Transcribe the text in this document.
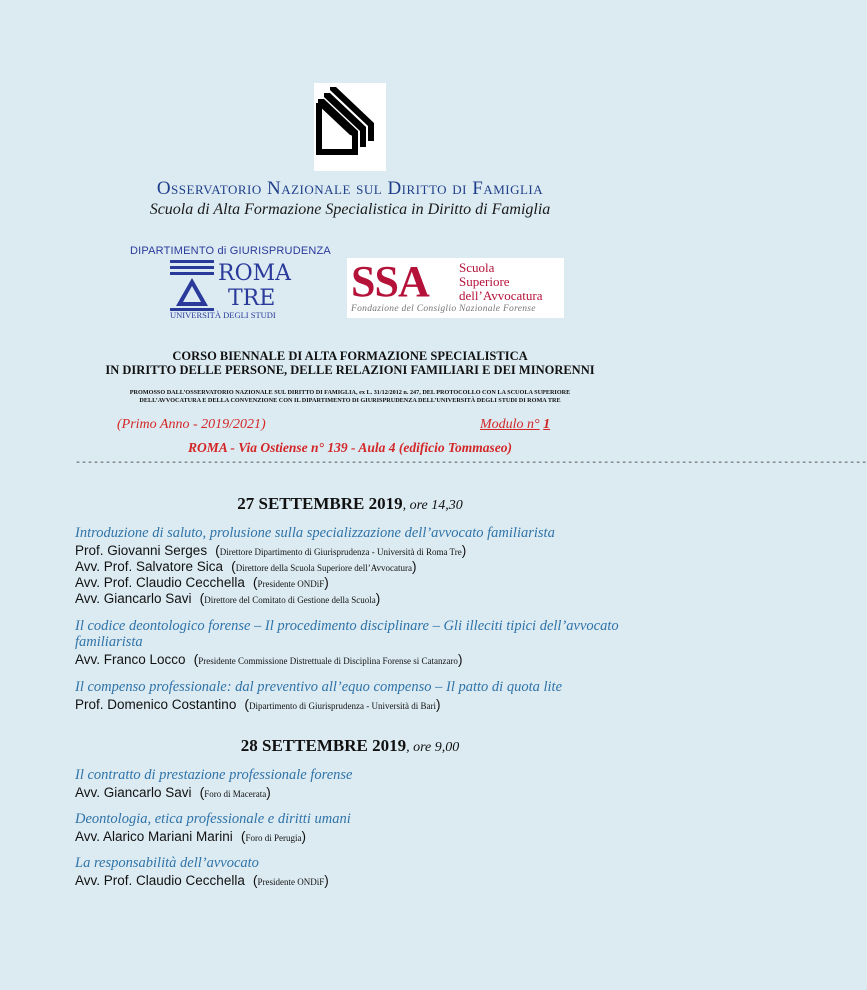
Osservatorio Nazionale sul Diritto di Famiglia
Scuola di Alta Formazione Specialistica in Diritto di Famiglia
DIPARTIMENTO di GIURISPRUDENZA
ROMA
TRE
UNIVERSITÀ DEGLI STUDI
SSA Scuola
Superiore
dell’Avvocatura
Fondazione del Consiglio Nazionale Forense
CORSO BIENNALE DI ALTA FORMAZIONE SPECIALISTICA
IN DIRITTO DELLE PERSONE, DELLE RELAZIONI FAMILIARI E DEI MINORENNI
PROMOSSO DALL’OSSERVATORIO NAZIONALE SUL DIRITTO DI FAMIGLIA, ex L. 31/12/2012 n. 247, DEL PROTOCOLLO CON LA SCUOLA SUPERIORE
DELL’AVVOCATURA E DELLA CONVENZIONE CON IL DIPARTIMENTO DI GIURISPRUDENZA DELL’UNIVERSITÀ DEGLI STUDI DI ROMA TRE
(Primo Anno - 2019/2021)	Modulo n° 1
ROMA - Via Ostiense n° 139 - Aula 4 (edificio Tommaseo)
------------------------------------------------------------------------------------------------------------------------------------
27 SETTEMBRE 2019, ore 14,30
Introduzione di saluto, prolusione sulla specializzazione dell’avvocato familiarista
Prof. Giovanni Serges (Direttore Dipartimento di Giurisprudenza - Università di Roma Tre)
Avv. Prof. Salvatore Sica (Direttore della Scuola Superiore dell’Avvocatura)
Avv. Prof. Claudio Cecchella (Presidente ONDiF)
Avv. Giancarlo Savi (Direttore del Comitato di Gestione della Scuola)
Il codice deontologico forense – Il procedimento disciplinare – Gli illeciti tipici dell’avvocato familiarista
Avv. Franco Locco (Presidente Commissione Distrettuale di Disciplina Forense si Catanzaro)
Il compenso professionale: dal preventivo all’equo compenso – Il patto di quota lite
Prof. Domenico Costantino (Dipartimento di Giurisprudenza - Università di Bari)
28 SETTEMBRE 2019, ore 9,00
Il contratto di prestazione professionale forense
Avv. Giancarlo Savi (Foro di Macerata)
Deontologia, etica professionale e diritti umani
Avv. Alarico Mariani Marini (Foro di Perugia)
La responsabilità dell’avvocato
Avv. Prof. Claudio Cecchella (Presidente ONDiF)
